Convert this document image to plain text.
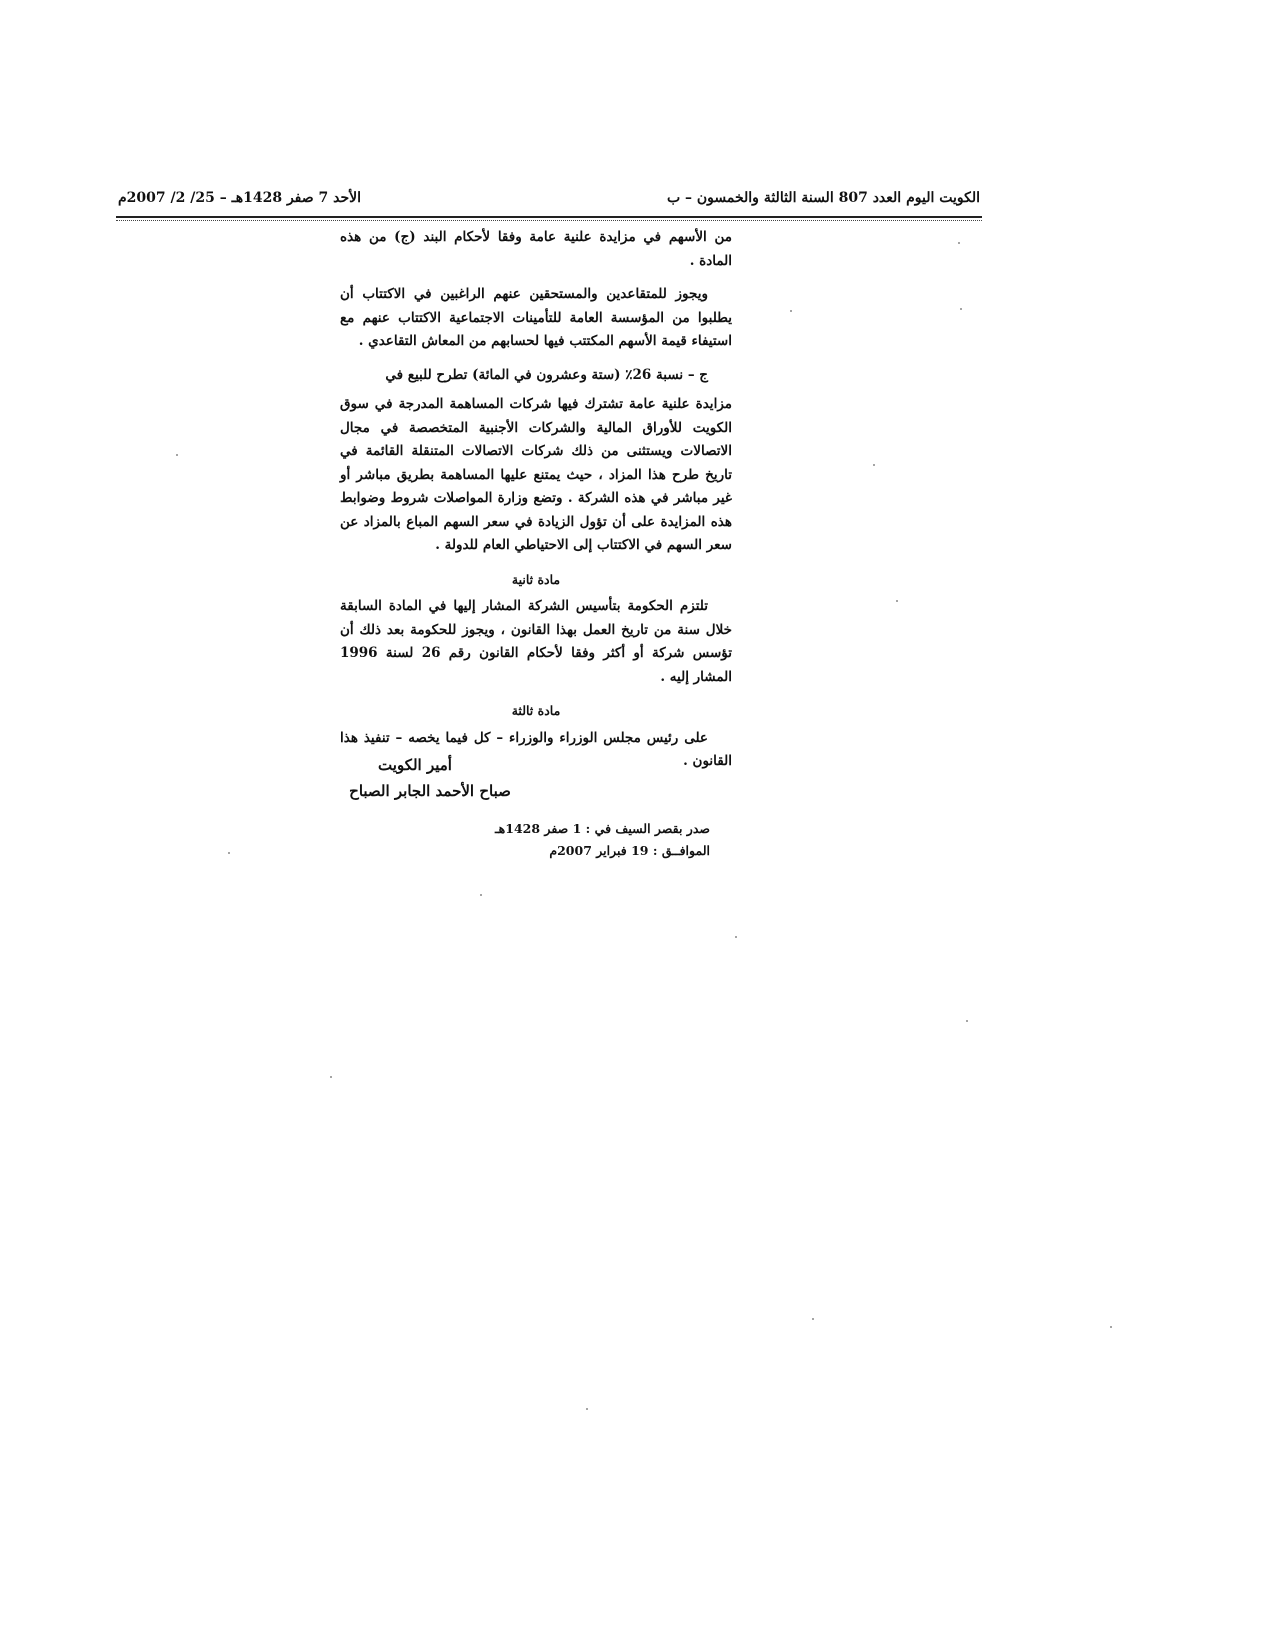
الكويت اليوم العدد 807 السنة الثالثة والخمسون – ب
الأحد 7 صفر 1428هـ – 25/ 2/ 2007م

من الأسهم في مزايدة علنية عامة وفقا لأحكام البند (ج) من هذه المادة .

ويجوز للمتقاعدين والمستحقين عنهم الراغبين في الاكتتاب أن يطلبوا من المؤسسة العامة للتأمينات الاجتماعية الاكتتاب عنهم مع استيفاء قيمة الأسهم المكتتب فيها لحسابهم من المعاش التقاعدي .

ج – نسبة 26٪ (ستة وعشرون في المائة) تطرح للبيع في

مزايدة علنية عامة تشترك فيها شركات المساهمة المدرجة في سوق الكويت للأوراق المالية والشركات الأجنبية المتخصصة في مجال الاتصالات ويستثنى من ذلك شركات الاتصالات المتنقلة القائمة في تاريخ طرح هذا المزاد ، حيث يمتنع عليها المساهمة بطريق مباشر أو غير مباشر في هذه الشركة . وتضع وزارة المواصلات شروط وضوابط هذه المزايدة على أن تؤول الزيادة في سعر السهم المباع بالمزاد عن سعر السهم في الاكتتاب إلى الاحتياطي العام للدولة .

مادة ثانية

تلتزم الحكومة بتأسيس الشركة المشار إليها في المادة السابقة خلال سنة من تاريخ العمل بهذا القانون ، ويجوز للحكومة بعد ذلك أن تؤسس شركة أو أكثر وفقا لأحكام القانون رقم 26 لسنة 1996 المشار إليه .

مادة ثالثة

على رئيس مجلس الوزراء والوزراء – كل فيما يخصه – تنفيذ هذا القانون .

أمير الكويت
صباح الأحمد الجابر الصباح
صدر بقصر السيف في : 1 صفر 1428هـ
الموافــق : 19 فبراير 2007م
